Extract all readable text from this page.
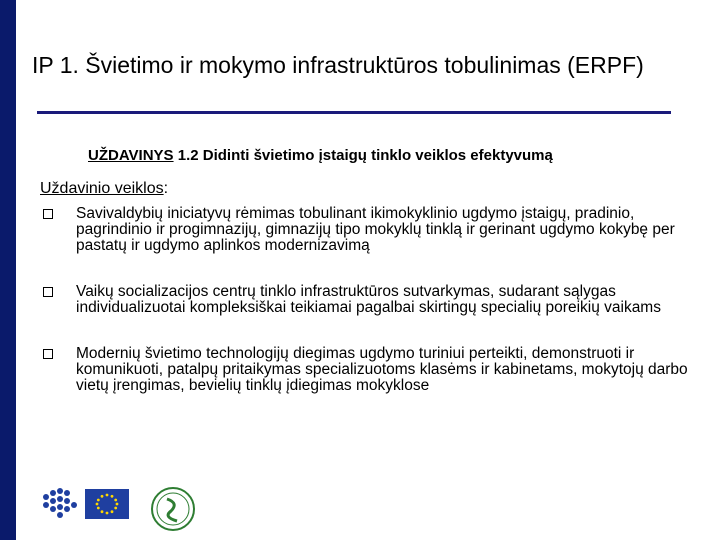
IP 1. Švietimo ir mokymo infrastruktūros tobulinimas (ERPF)
UŽDAVINYS 1.2 Didinti švietimo įstaigų tinklo veiklos efektyvumą
Uždavinio veiklos:
Savivaldybių iniciatyvų rėmimas tobulinant ikimokyklinio ugdymo įstaigų, pradinio, pagrindinio ir progimnazijų, gimnazijų tipo mokyklų tinklą ir gerinant ugdymo kokybę per pastatų ir ugdymo aplinkos modernizavimą
Vaikų socializacijos centrų tinklo infrastruktūros sutvarkymas, sudarant sąlygas individualizuotai kompleksiškai teikiamai pagalbai skirtingų specialių poreikių vaikams
Modernių švietimo technologijų diegimas ugdymo turiniui perteikti, demonstruoti ir komunikuoti, patalpų pritaikymas specializuotoms klasėms ir kabinetams, mokytojų darbo vietų įrengimas, bevielių tinklų įdiegimas mokyklose
